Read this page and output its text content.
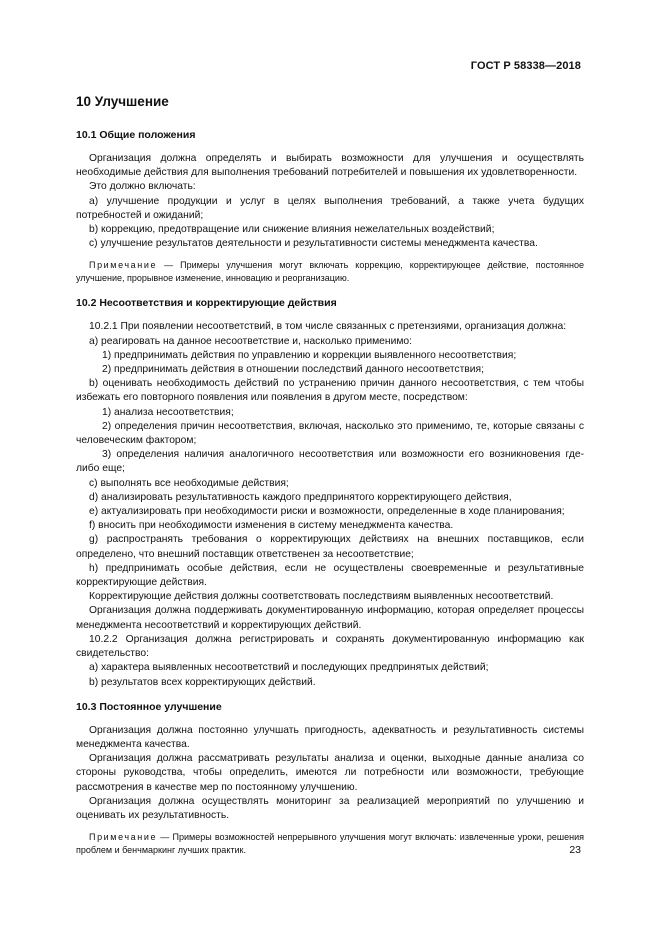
ГОСТ Р 58338—2018
10 Улучшение
10.1 Общие положения

Организация должна определять и выбирать возможности для улучшения и осуществлять необходимые действия для выполнения требований потребителей и повышения их удовлетворенности.

Это должно включать:

a) улучшение продукции и услуг в целях выполнения требований, а также учета будущих потребностей и ожиданий;

b) коррекцию, предотвращение или снижение влияния нежелательных воздействий;

c) улучшение результатов деятельности и результативности системы менеджмента качества.

Примечание — Примеры улучшения могут включать коррекцию, корректирующее действие, постоянное улучшение, прорывное изменение, инновацию и реорганизацию.

10.2 Несоответствия и корректирующие действия

10.2.1 При появлении несоответствий, в том числе связанных с претензиями, организация должна:

a) реагировать на данное несоответствие и, насколько применимо:

1) предпринимать действия по управлению и коррекции выявленного несоответствия;

2) предпринимать действия в отношении последствий данного несоответствия;

b) оценивать необходимость действий по устранению причин данного несоответствия, с тем чтобы избежать его повторного появления или появления в другом месте, посредством:

1) анализа несоответствия;

2) определения причин несоответствия, включая, насколько это применимо, те, которые связаны с человеческим фактором;

3) определения наличия аналогичного несоответствия или возможности его возникновения где-либо еще;

c) выполнять все необходимые действия;

d) анализировать результативность каждого предпринятого корректирующего действия,

e) актуализировать при необходимости риски и возможности, определенные в ходе планирования;

f) вносить при необходимости изменения в систему менеджмента качества.

g) распространять требования о корректирующих действиях на внешних поставщиков, если определено, что внешний поставщик ответственен за несоответствие;

h) предпринимать особые действия, если не осуществлены своевременные и результативные корректирующие действия.

Корректирующие действия должны соответствовать последствиям выявленных несоответствий.

Организация должна поддерживать документированную информацию, которая определяет процессы менеджмента несоответствий и корректирующих действий.

10.2.2 Организация должна регистрировать и сохранять документированную информацию как свидетельство:

a) характера выявленных несоответствий и последующих предпринятых действий;

b) результатов всех корректирующих действий.

10.3 Постоянное улучшение

Организация должна постоянно улучшать пригодность, адекватность и результативность системы менеджмента качества.

Организация должна рассматривать результаты анализа и оценки, выходные данные анализа со стороны руководства, чтобы определить, имеются ли потребности или возможности, требующие рассмотрения в качестве мер по постоянному улучшению.

Организация должна осуществлять мониторинг за реализацией мероприятий по улучшению и оценивать их результативность.

Примечание — Примеры возможностей непрерывного улучшения могут включать: извлеченные уроки, решения проблем и бенчмаркинг лучших практик.	23
